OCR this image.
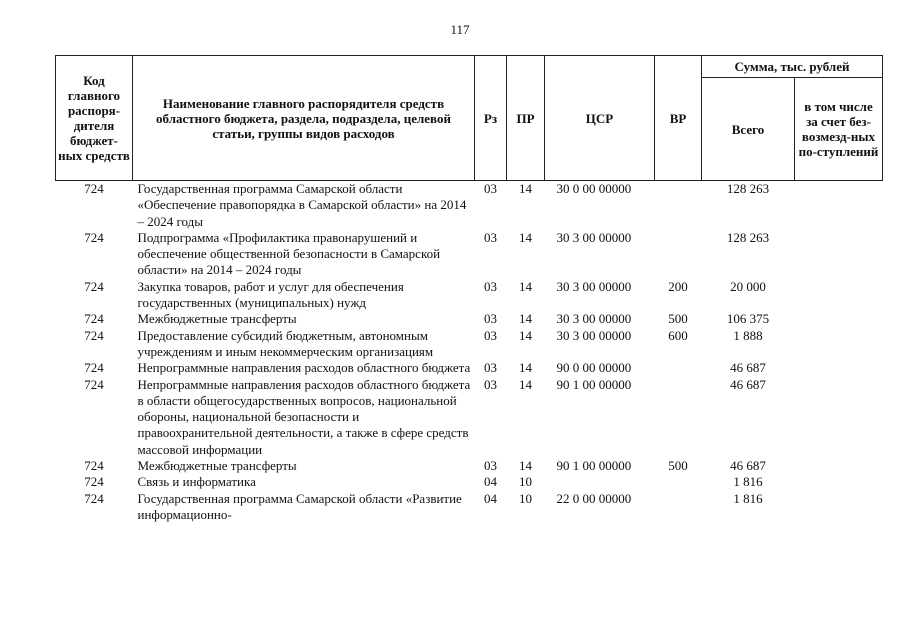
117
Код главного распоря-дителя бюджет-ных средств	Наименование главного распорядителя средств областного бюджета, раздела, подраздела, целевой статьи, группы видов расходов	Рз	ПР	ЦСР	ВР	Сумма, тыс. рублей	
						Всего	в том числе за счет без-возмезд-ных по-ступлений
724	Государственная программа Самарской области «Обеспечение правопорядка в Самарской области» на 2014 – 2024 годы	03	14	30 0 00 00000		128 263	
724	Подпрограмма «Профилактика правонарушений и обеспечение общественной безопасности в Самарской области» на 2014 – 2024 годы	03	14	30 3 00 00000		128 263	
724	Закупка товаров, работ и услуг для обеспечения государственных (муниципальных) нужд	03	14	30 3 00 00000	200	20 000	
724	Межбюджетные трансферты	03	14	30 3 00 00000	500	106 375	
724	Предоставление субсидий бюджетным, автономным учреждениям и иным некоммерческим организациям	03	14	30 3 00 00000	600	1 888	
724	Непрограммные направления расходов областного бюджета	03	14	90 0 00 00000		46 687	
724	Непрограммные направления расходов областного бюджета в области общегосударственных вопросов, национальной обороны, национальной безопасности и правоохранительной деятельности, а также в сфере средств массовой информации	03	14	90 1 00 00000		46 687	
724	Межбюджетные трансферты	03	14	90 1 00 00000	500	46 687	
724	Связь и информатика	04	10			1 816	
724	Государственная программа Самарской области «Развитие информационно-	04	10	22 0 00 00000		1 816	
